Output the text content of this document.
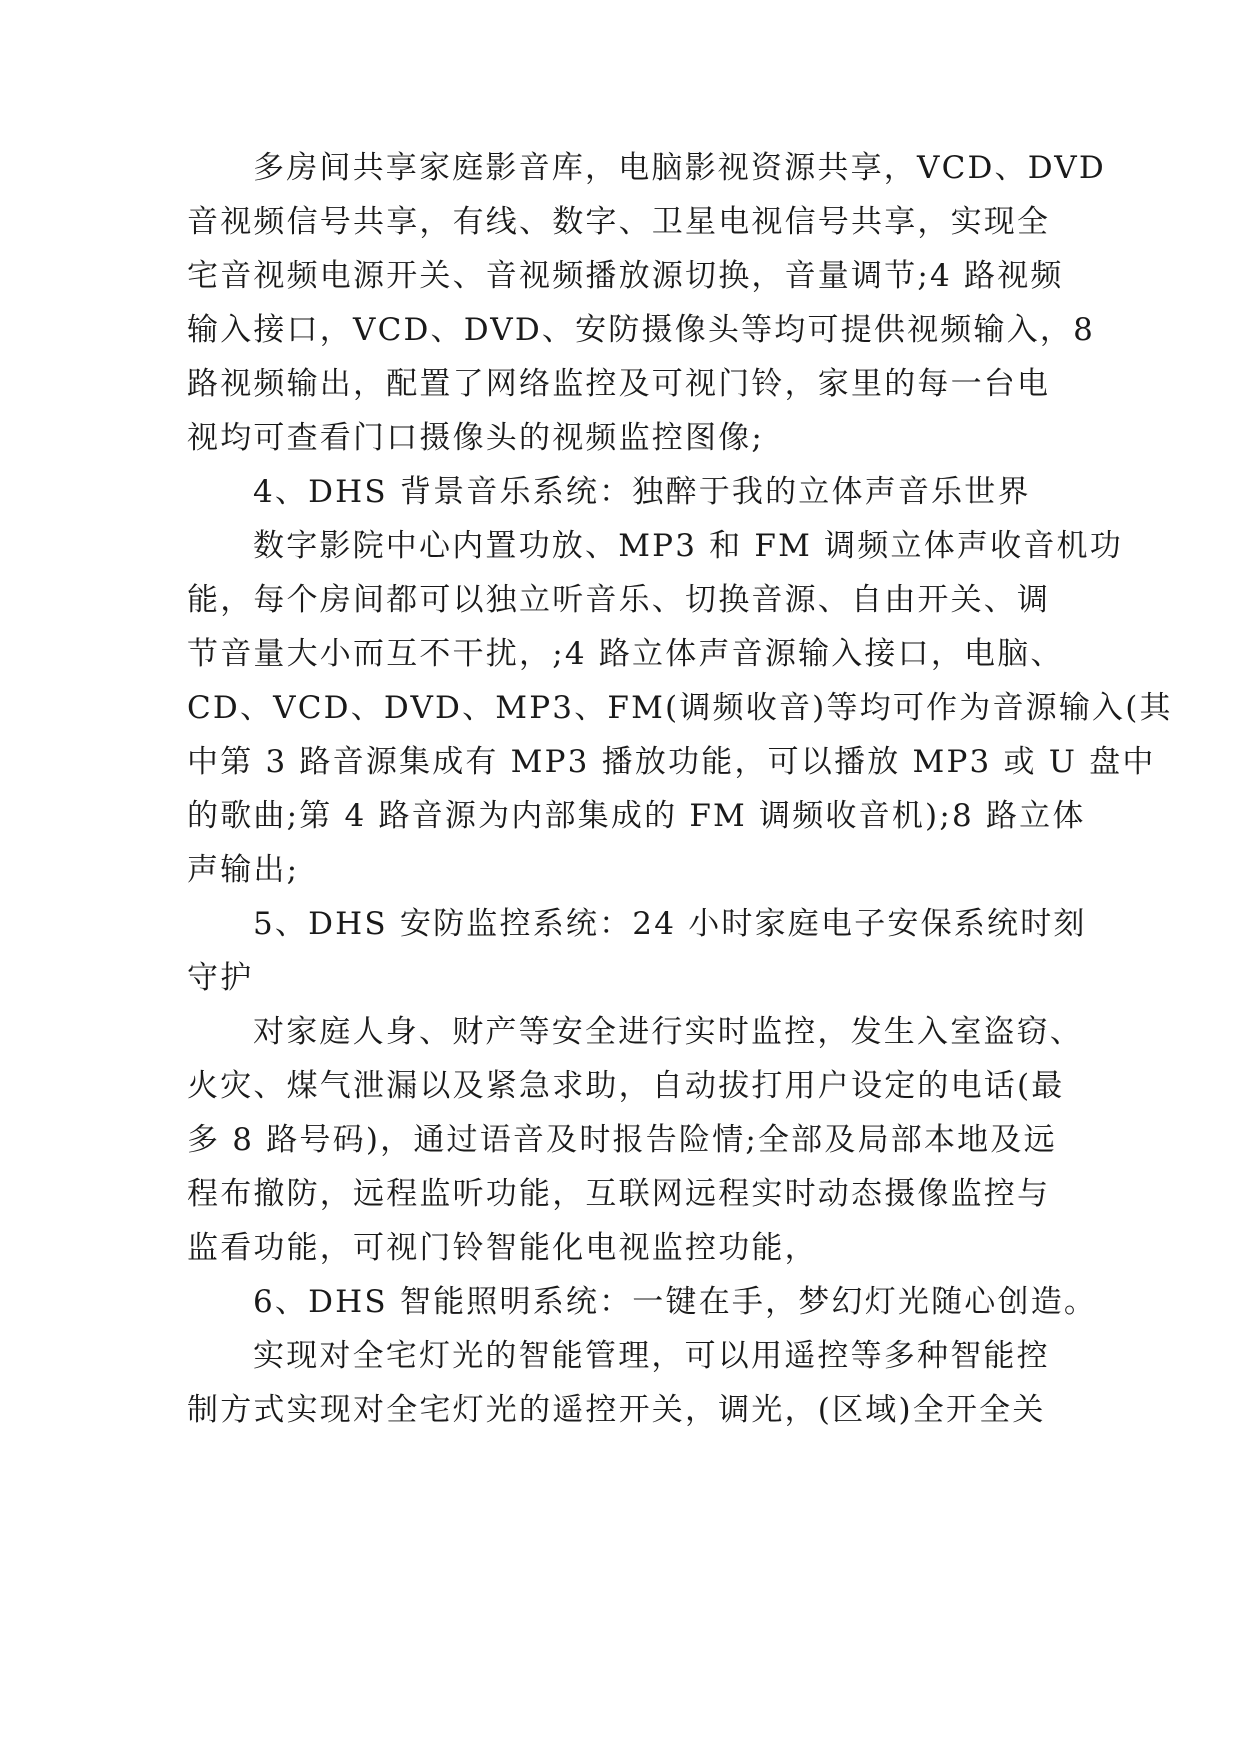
多房间共享家庭影音库，电脑影视资源共享，VCD、DVD
音视频信号共享，有线、数字、卫星电视信号共享，实现全
宅音视频电源开关、音视频播放源切换，音量调节;4 路视频
输入接口，VCD、DVD、安防摄像头等均可提供视频输入，8
路视频输出，配置了网络监控及可视门铃，家里的每一台电
视均可查看门口摄像头的视频监控图像;
4、DHS 背景音乐系统：独醉于我的立体声音乐世界
数字影院中心内置功放、MP3 和 FM 调频立体声收音机功
能，每个房间都可以独立听音乐、切换音源、自由开关、调
节音量大小而互不干扰，;4 路立体声音源输入接口，电脑、
CD、VCD、DVD、MP3、FM(调频收音)等均可作为音源输入(其
中第 3 路音源集成有 MP3 播放功能，可以播放 MP3 或 U 盘中
的歌曲;第 4 路音源为内部集成的 FM 调频收音机);8 路立体
声输出;
5、DHS 安防监控系统：24 小时家庭电子安保系统时刻
守护
对家庭人身、财产等安全进行实时监控，发生入室盗窃、
火灾、煤气泄漏以及紧急求助，自动拔打用户设定的电话(最
多 8 路号码)，通过语音及时报告险情;全部及局部本地及远
程布撤防，远程监听功能，互联网远程实时动态摄像监控与
监看功能，可视门铃智能化电视监控功能，
6、DHS 智能照明系统：一键在手，梦幻灯光随心创造。
实现对全宅灯光的智能管理，可以用遥控等多种智能控
制方式实现对全宅灯光的遥控开关，调光，(区域)全开全关
